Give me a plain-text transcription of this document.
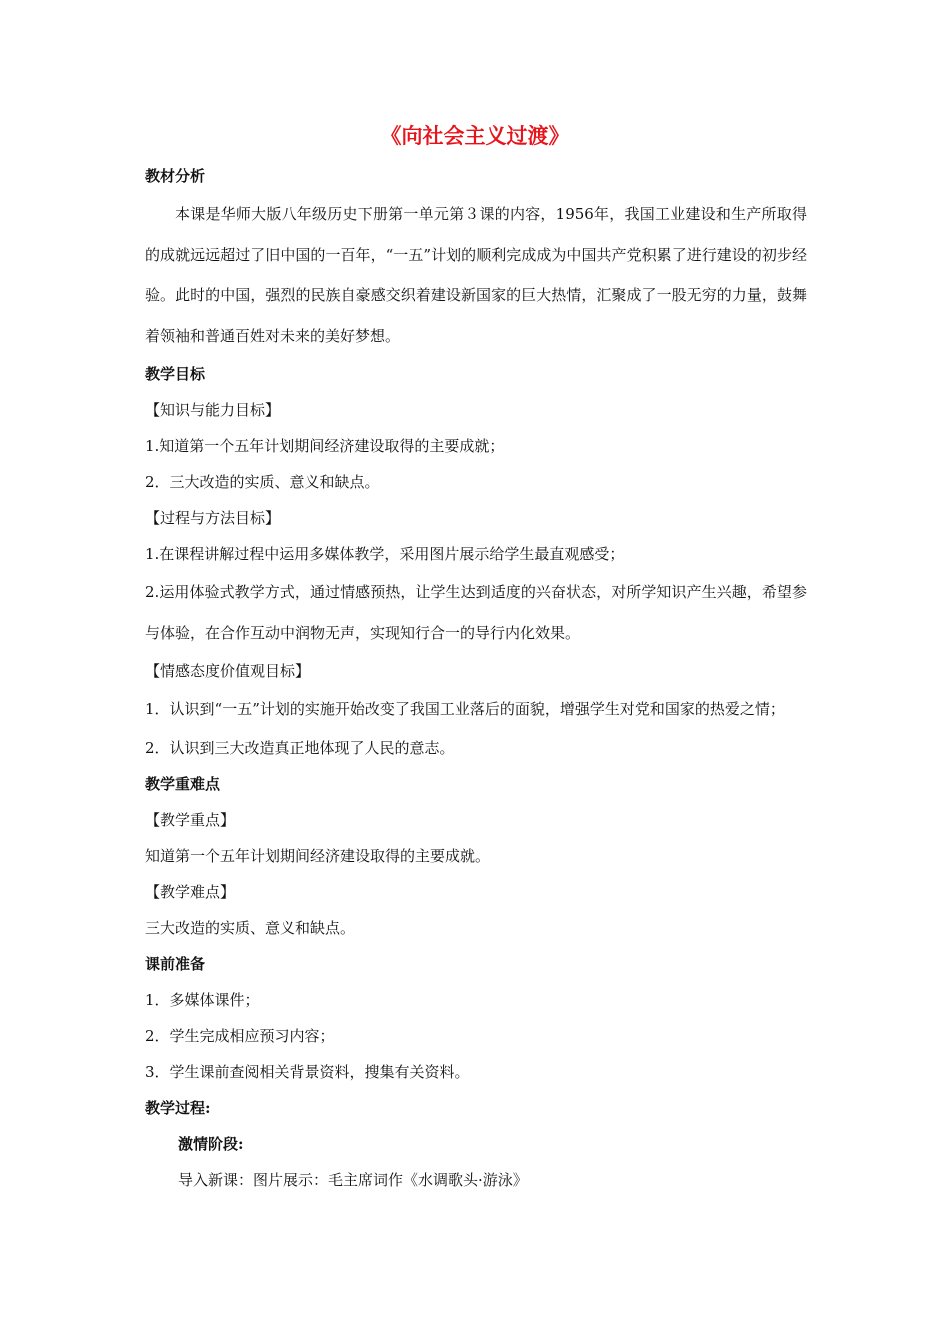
《向社会主义过渡》
教材分析
本课是华师大版八年级历史下册第一单元第３课的内容，1956年，我国工业建设和生产所取得的成就远远超过了旧中国的一百年，“一五”计划的顺利完成成为中国共产党积累了进行建设的初步经验。此时的中国，强烈的民族自豪感交织着建设新国家的巨大热情，汇聚成了一股无穷的力量，鼓舞着领袖和普通百姓对未来的美好梦想。
教学目标
【知识与能力目标】
1.知道第一个五年计划期间经济建设取得的主要成就；
2．三大改造的实质、意义和缺点。
【过程与方法目标】
1.在课程讲解过程中运用多媒体教学，采用图片展示给学生最直观感受；
2.运用体验式教学方式，通过情感预热，让学生达到适度的兴奋状态，对所学知识产生兴趣，希望参与体验，在合作互动中润物无声，实现知行合一的导行内化效果。
【情感态度价值观目标】
1．认识到“一五”计划的实施开始改变了我国工业落后的面貌，增强学生对党和国家的热爱之情；
2．认识到三大改造真正地体现了人民的意志。
教学重难点
【教学重点】
知道第一个五年计划期间经济建设取得的主要成就。
【教学难点】
三大改造的实质、意义和缺点。
课前准备
1．多媒体课件；
2．学生完成相应预习内容；
3．学生课前查阅相关背景资料，搜集有关资料。
教学过程:
激情阶段:
导入新课：图片展示：毛主席词作《水调歌头·游泳》
